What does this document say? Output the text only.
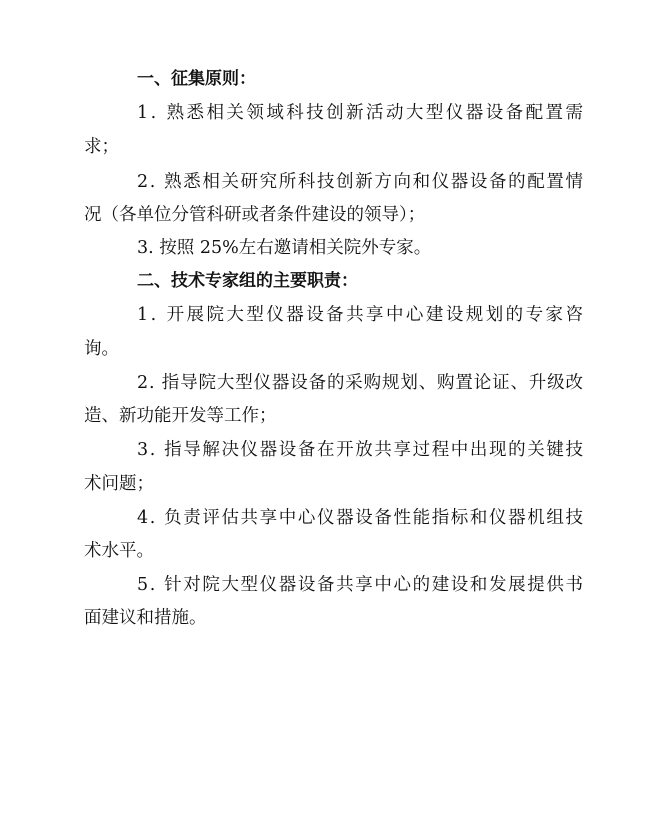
一、征集原则：
1. 熟悉相关领域科技创新活动大型仪器设备配置需
求；
2. 熟悉相关研究所科技创新方向和仪器设备的配置情
况（各单位分管科研或者条件建设的领导）；
3. 按照 25%左右邀请相关院外专家。
二、技术专家组的主要职责：
1. 开展院大型仪器设备共享中心建设规划的专家咨
询。
2. 指导院大型仪器设备的采购规划、购置论证、升级改
造、新功能开发等工作；
3. 指导解决仪器设备在开放共享过程中出现的关键技
术问题；
4. 负责评估共享中心仪器设备性能指标和仪器机组技
术水平。
5. 针对院大型仪器设备共享中心的建设和发展提供书
面建议和措施。
